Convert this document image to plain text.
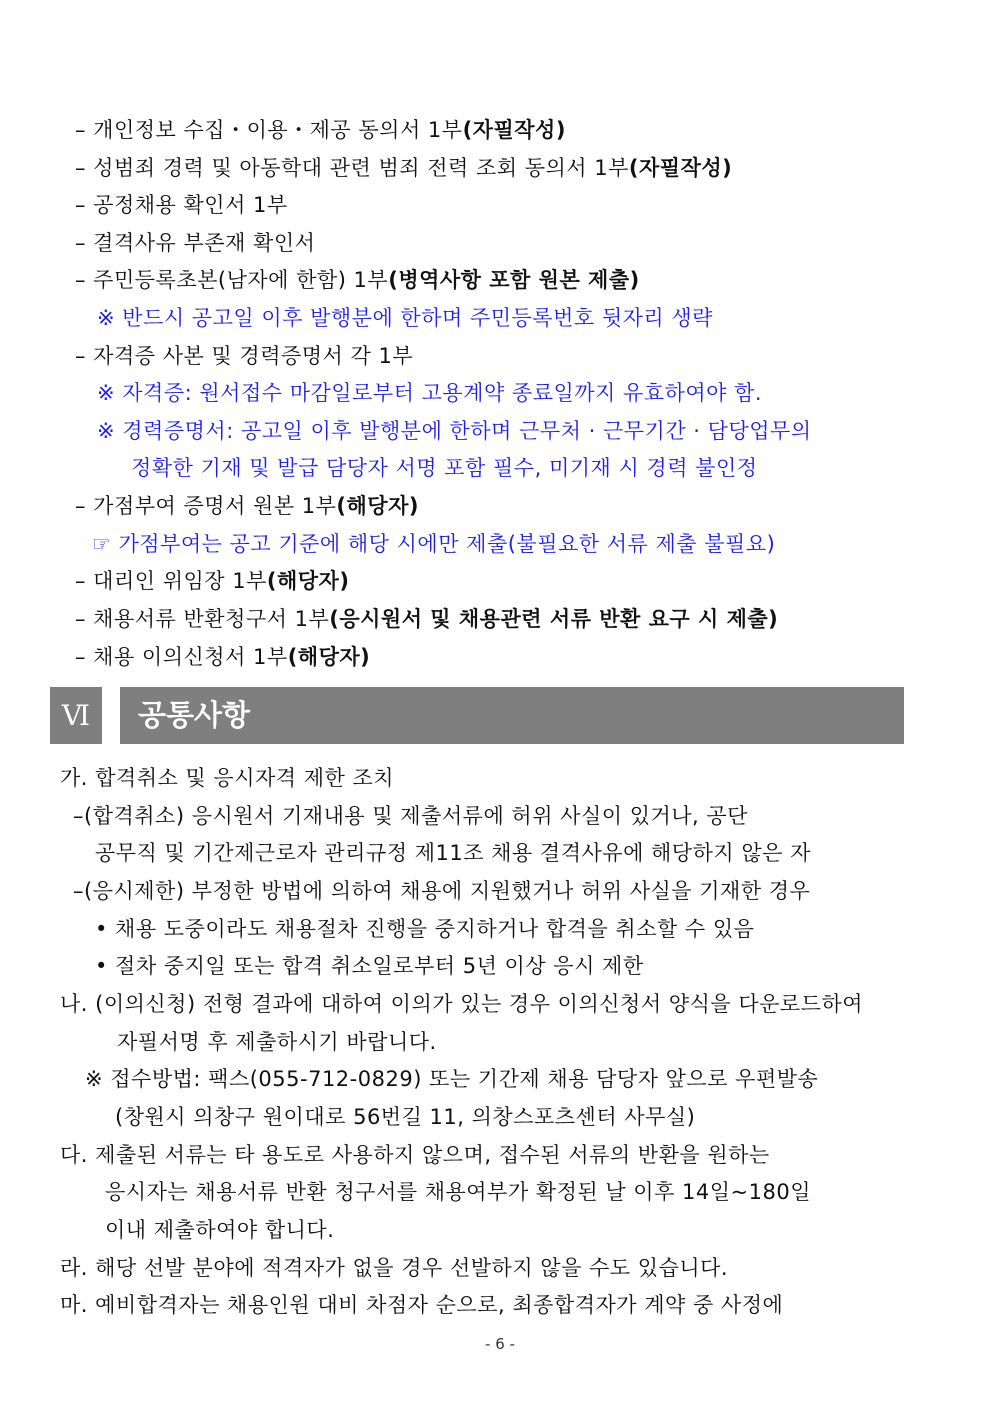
– 개인정보 수집・이용・제공 동의서 1부(자필작성)
– 성범죄 경력 및 아동학대 관련 범죄 전력 조회 동의서 1부(자필작성)
– 공정채용 확인서 1부
– 결격사유 부존재 확인서
– 주민등록초본(남자에 한함) 1부(병역사항 포함 원본 제출)
※ 반드시 공고일 이후 발행분에 한하며 주민등록번호 뒷자리 생략
– 자격증 사본 및 경력증명서 각 1부
※ 자격증: 원서접수 마감일로부터 고용계약 종료일까지 유효하여야 함.
※ 경력증명서: 공고일 이후 발행분에 한하며 근무처 · 근무기간 · 담당업무의
정확한 기재 및 발급 담당자 서명 포함 필수, 미기재 시 경력 불인정
– 가점부여 증명서 원본 1부(해당자)
☞ 가점부여는 공고 기준에 해당 시에만 제출(불필요한 서류 제출 불필요)
– 대리인 위임장 1부(해당자)
– 채용서류 반환청구서 1부(응시원서 및 채용관련 서류 반환 요구 시 제출)
– 채용 이의신청서 1부(해당자)
Ⅵ	공통사항
가. 합격취소 및 응시자격 제한 조치
–(합격취소) 응시원서 기재내용 및 제출서류에 허위 사실이 있거나, 공단
공무직 및 기간제근로자 관리규정 제11조 채용 결격사유에 해당하지 않은 자
–(응시제한) 부정한 방법에 의하여 채용에 지원했거나 허위 사실을 기재한 경우
• 채용 도중이라도 채용절차 진행을 중지하거나 합격을 취소할 수 있음
• 절차 중지일 또는 합격 취소일로부터 5년 이상 응시 제한
나. (이의신청) 전형 결과에 대하여 이의가 있는 경우 이의신청서 양식을 다운로드하여
자필서명 후 제출하시기 바랍니다.
※ 접수방법: 팩스(055-712-0829) 또는 기간제 채용 담당자 앞으로 우편발송
(창원시 의창구 원이대로 56번길 11, 의창스포츠센터 사무실)
다. 제출된 서류는 타 용도로 사용하지 않으며, 접수된 서류의 반환을 원하는
응시자는 채용서류 반환 청구서를 채용여부가 확정된 날 이후 14일~180일
이내 제출하여야 합니다.
라. 해당 선발 분야에 적격자가 없을 경우 선발하지 않을 수도 있습니다.
마. 예비합격자는 채용인원 대비 차점자 순으로, 최종합격자가 계약 중 사정에
- 6 -
